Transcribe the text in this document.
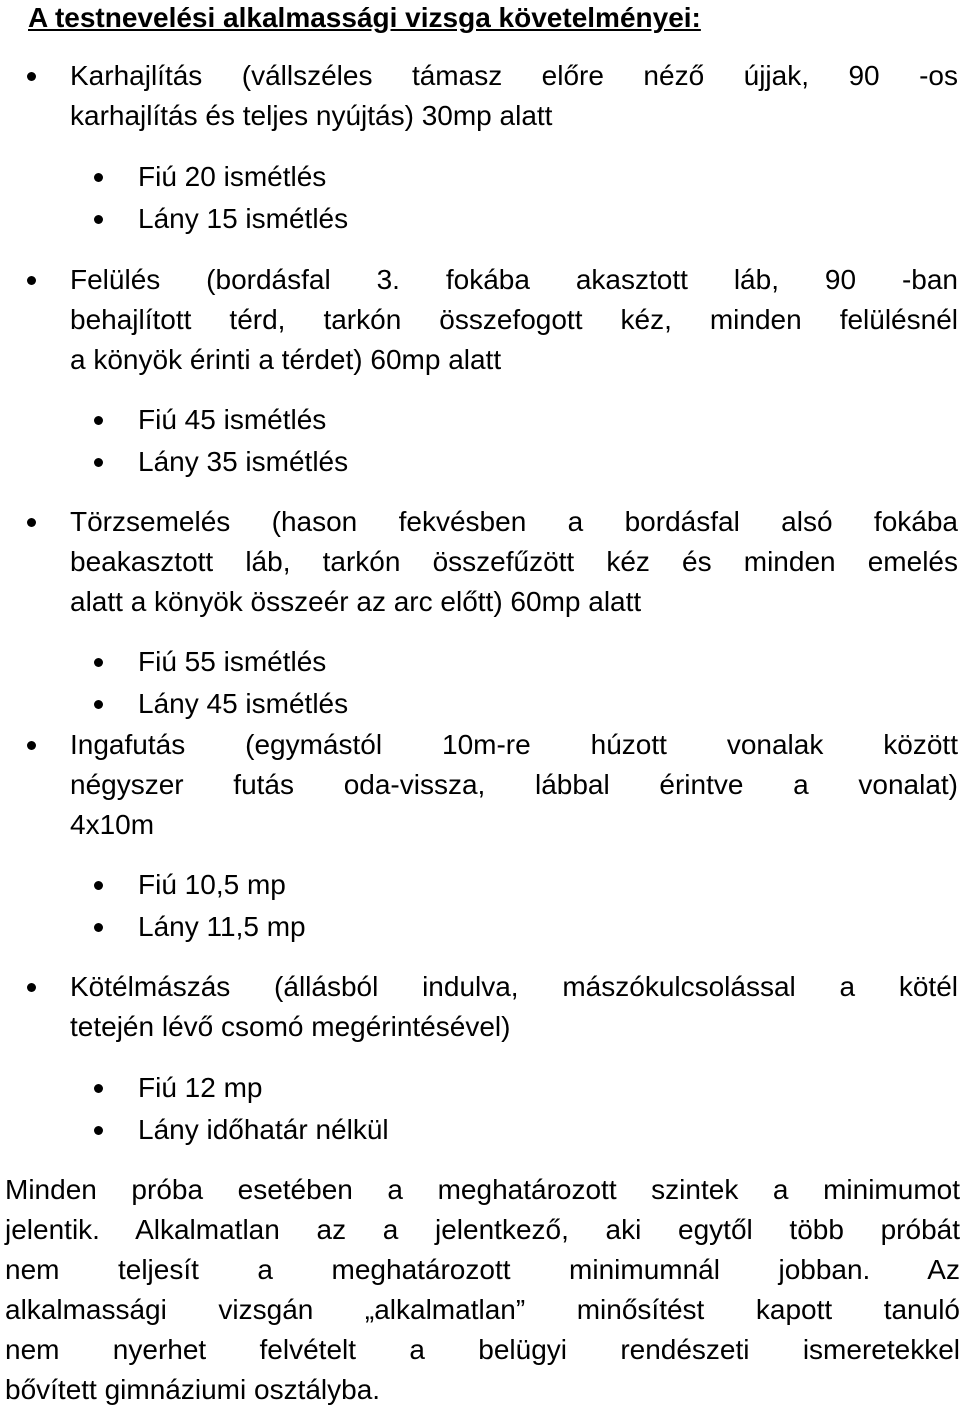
A testnevelési alkalmassági vizsga követelményei:
Karhajlítás (vállszéles támasz előre néző újjak, 90 -os
karhajlítás és teljes nyújtás) 30mp alatt
Fiú 20 ismétlés
Lány 15 ismétlés
Felülés (bordásfal 3. fokába akasztott láb, 90 -ban
behajlított térd, tarkón összefogott kéz, minden felülésnél
a könyök érinti a térdet) 60mp alatt
Fiú 45 ismétlés
Lány 35 ismétlés
Törzsemelés (hason fekvésben a bordásfal alsó fokába
beakasztott láb, tarkón összefűzött kéz és minden emelés
alatt a könyök összeér az arc előtt) 60mp alatt
Fiú 55 ismétlés
Lány 45 ismétlés
Ingafutás (egymástól 10m-re húzott vonalak között
négyszer futás oda-vissza, lábbal érintve a vonalat)
4x10m
Fiú 10,5 mp
Lány 11,5 mp
Kötélmászás (állásból indulva, mászókulcsolással a kötél
tetején lévő csomó megérintésével)
Fiú 12 mp
Lány időhatár nélkül
Minden próba esetében a meghatározott szintek a minimumot
jelentik. Alkalmatlan az a jelentkező, aki egytől több próbát
nem teljesít a meghatározott minimumnál jobban. Az
alkalmassági vizsgán „alkalmatlan” minősítést kapott tanuló
nem nyerhet felvételt a belügyi rendészeti ismeretekkel
bővített gimnáziumi osztályba.
